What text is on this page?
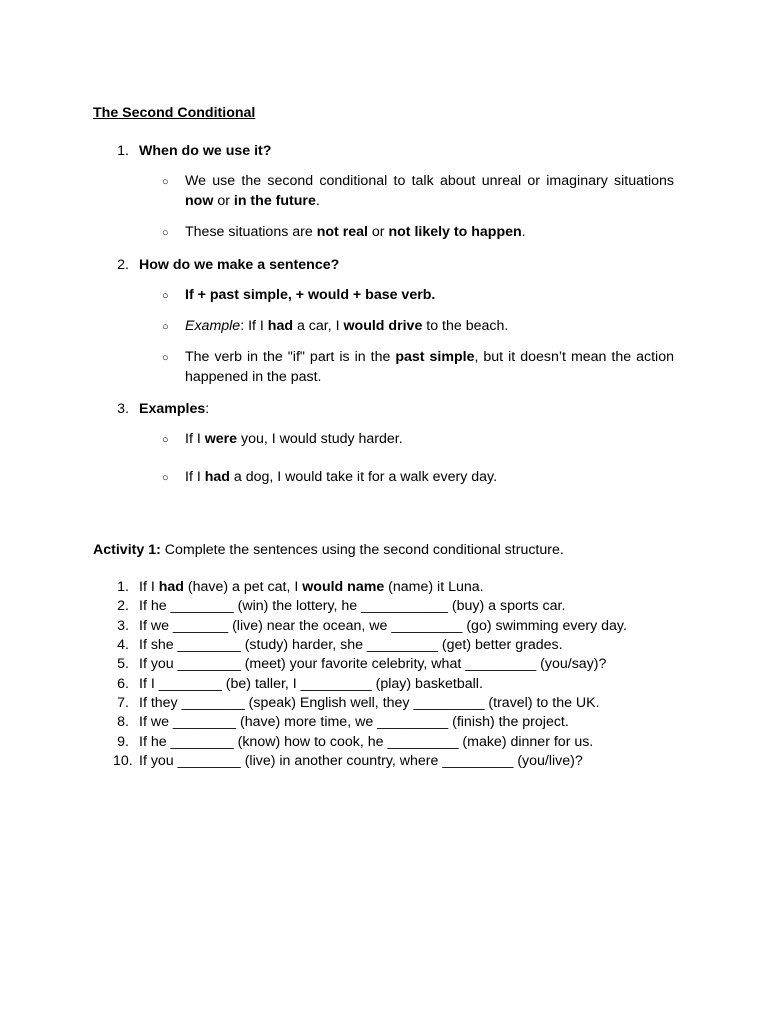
The Second Conditional
1. When do we use it?
○ We use the second conditional to talk about unreal or imaginary situations now or in the future.
○ These situations are not real or not likely to happen.
2. How do we make a sentence?
○ If + past simple, + would + base verb.
○ Example: If I had a car, I would drive to the beach.
○ The verb in the "if" part is in the past simple, but it doesn’t mean the action happened in the past.
3. Examples:
○ If I were you, I would study harder.
○ If I had a dog, I would take it for a walk every day.
Activity 1: Complete the sentences using the second conditional structure.
1. If I had (have) a pet cat, I would name (name) it Luna.
2. If he ________ (win) the lottery, he ___________ (buy) a sports car.
3. If we _______ (live) near the ocean, we _________ (go) swimming every day.
4. If she ________ (study) harder, she _________ (get) better grades.
5. If you ________ (meet) your favorite celebrity, what _________ (you/say)?
6. If I ________ (be) taller, I _________ (play) basketball.
7. If they ________ (speak) English well, they _________ (travel) to the UK.
8. If we ________ (have) more time, we _________ (finish) the project.
9. If he ________ (know) how to cook, he _________ (make) dinner for us.
10. If you ________ (live) in another country, where _________ (you/live)?
